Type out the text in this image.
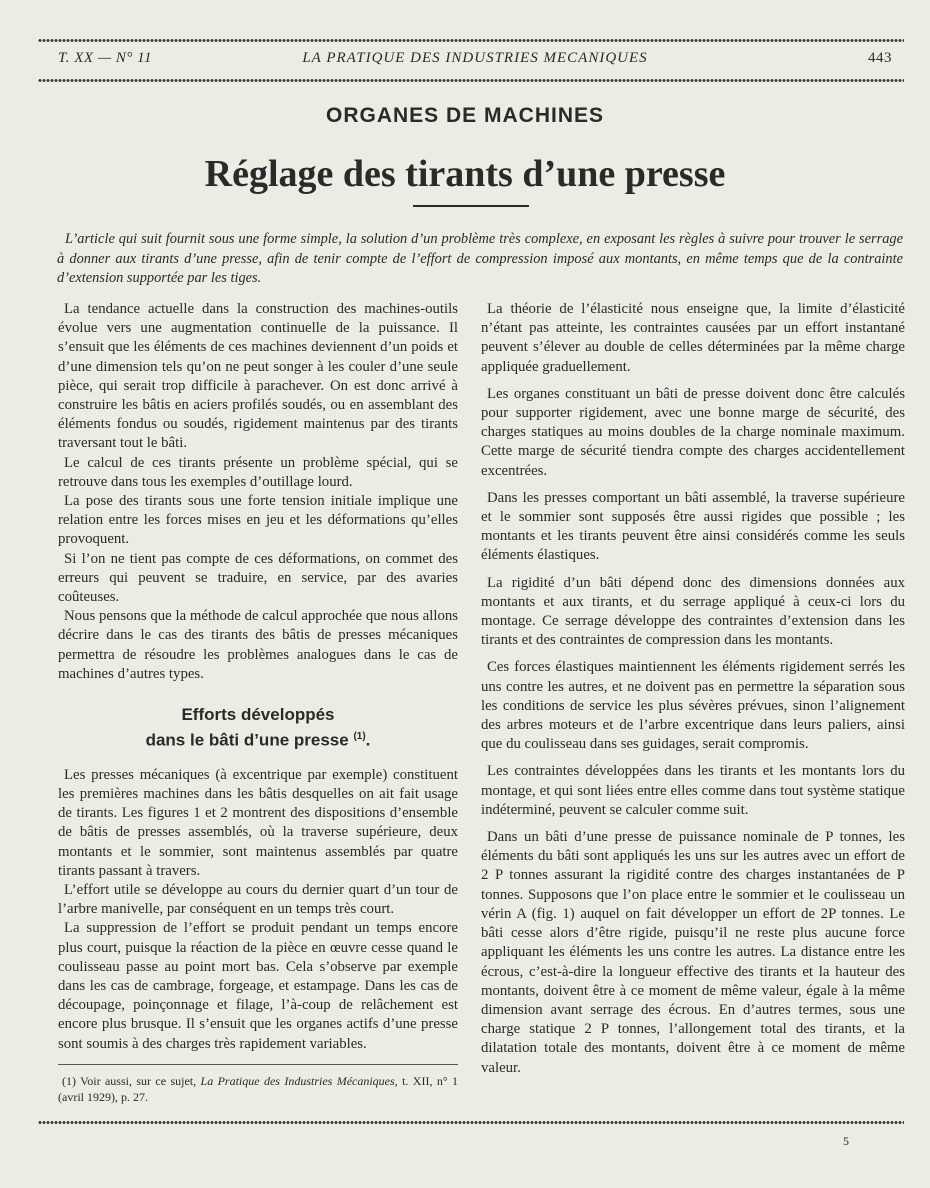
T. XX — N° 11	LA PRATIQUE DES INDUSTRIES MECANIQUES	443
ORGANES DE MACHINES
Réglage des tirants d’une presse
L’article qui suit fournit sous une forme simple, la solution d’un problème très complexe, en exposant les règles à suivre pour trouver le serrage à donner aux tirants d’une presse, afin de tenir compte de l’effort de compression imposé aux montants, en même temps que de la contrainte d’extension supportée par les tiges.

La tendance actuelle dans la construction des machines-outils évolue vers une augmentation continuelle de la puissance. Il s’ensuit que les éléments de ces machines deviennent d’un poids et d’une dimension tels qu’on ne peut songer à les couler d’une seule pièce, qui serait trop difficile à parachever. On est donc arrivé à construire les bâtis en aciers profilés soudés, ou en assemblant des éléments fondus ou soudés, rigidement maintenus par des tirants traversant tout le bâti.

Le calcul de ces tirants présente un problème spécial, qui se retrouve dans tous les exemples d’outillage lourd.

La pose des tirants sous une forte tension initiale implique une relation entre les forces mises en jeu et les déformations qu’elles provoquent.

Si l’on ne tient pas compte de ces déformations, on commet des erreurs qui peuvent se traduire, en service, par des avaries coûteuses.

Nous pensons que la méthode de calcul approchée que nous allons décrire dans le cas des tirants des bâtis de presses mécaniques permettra de résoudre les problèmes analogues dans le cas de machines d’autres types.

Efforts développés
dans le bâti d’une presse $^{(1)}$.

Les presses mécaniques (à excentrique par exemple) constituent les premières machines dans les bâtis desquelles on ait fait usage de tirants. Les figures 1 et 2 montrent des dispositions d’ensemble de bâtis de presses assemblés, où la traverse supérieure, deux montants et le sommier, sont maintenus assemblés par quatre tirants passant à travers.

L’effort utile se développe au cours du dernier quart d’un tour de l’arbre manivelle, par conséquent en un temps très court.

La suppression de l’effort se produit pendant un temps encore plus court, puisque la réaction de la pièce en œuvre cesse quand le coulisseau passe au point mort bas. Cela s’observe par exemple dans les cas de cambrage, forgeage, et estampage. Dans les cas de découpage, poinçonnage et filage, l’à-coup de relâchement est encore plus brusque. Il s’ensuit que les organes actifs d’une presse sont soumis à des charges très rapidement variables.

(1) Voir aussi, sur ce sujet, La Pratique des Industries Mécaniques, t. XII, n° 1 (avril 1929), p. 27.

La théorie de l’élasticité nous enseigne que, la limite d’élasticité n’étant pas atteinte, les contraintes causées par un effort instantané peuvent s’élever au double de celles déterminées par la même charge appliquée graduellement.

Les organes constituant un bâti de presse doivent donc être calculés pour supporter rigidement, avec une bonne marge de sécurité, des charges statiques au moins doubles de la charge nominale maximum. Cette marge de sécurité tiendra compte des charges accidentellement excentrées.

Dans les presses comportant un bâti assemblé, la traverse supérieure et le sommier sont supposés être aussi rigides que possible ; les montants et les tirants peuvent être ainsi considérés comme les seuls éléments élastiques.

La rigidité d’un bâti dépend donc des dimensions données aux montants et aux tirants, et du serrage appliqué à ceux-ci lors du montage. Ce serrage développe des contraintes d’extension dans les tirants et des contraintes de compression dans les montants.

Ces forces élastiques maintiennent les éléments rigidement serrés les uns contre les autres, et ne doivent pas en permettre la séparation sous les conditions de service les plus sévères prévues, sinon l’alignement des arbres moteurs et de l’arbre excentrique dans leurs paliers, ainsi que du coulisseau dans ses guidages, serait compromis.

Les contraintes développées dans les tirants et les montants lors du montage, et qui sont liées entre elles comme dans tout système statique indéterminé, peuvent se calculer comme suit.

Dans un bâti d’une presse de puissance nominale de P tonnes, les éléments du bâti sont appliqués les uns sur les autres avec un effort de 2 P tonnes assurant la rigidité contre des charges instantanées de P tonnes. Supposons que l’on place entre le sommier et le coulisseau un vérin A (fig. 1) auquel on fait développer un effort de 2P tonnes. Le bâti cesse alors d’être rigide, puisqu’il ne reste plus aucune force appliquant les éléments les uns contre les autres. La distance entre les écrous, c’est-à-dire la longueur effective des tirants et la hauteur des montants, doivent être à ce moment de même valeur, égale à la même dimension avant serrage des écrous. En d’autres termes, sous une charge statique 2 P tonnes, l’allongement total des tirants, et la dilatation totale des montants, doivent être à ce moment de même valeur.

5
